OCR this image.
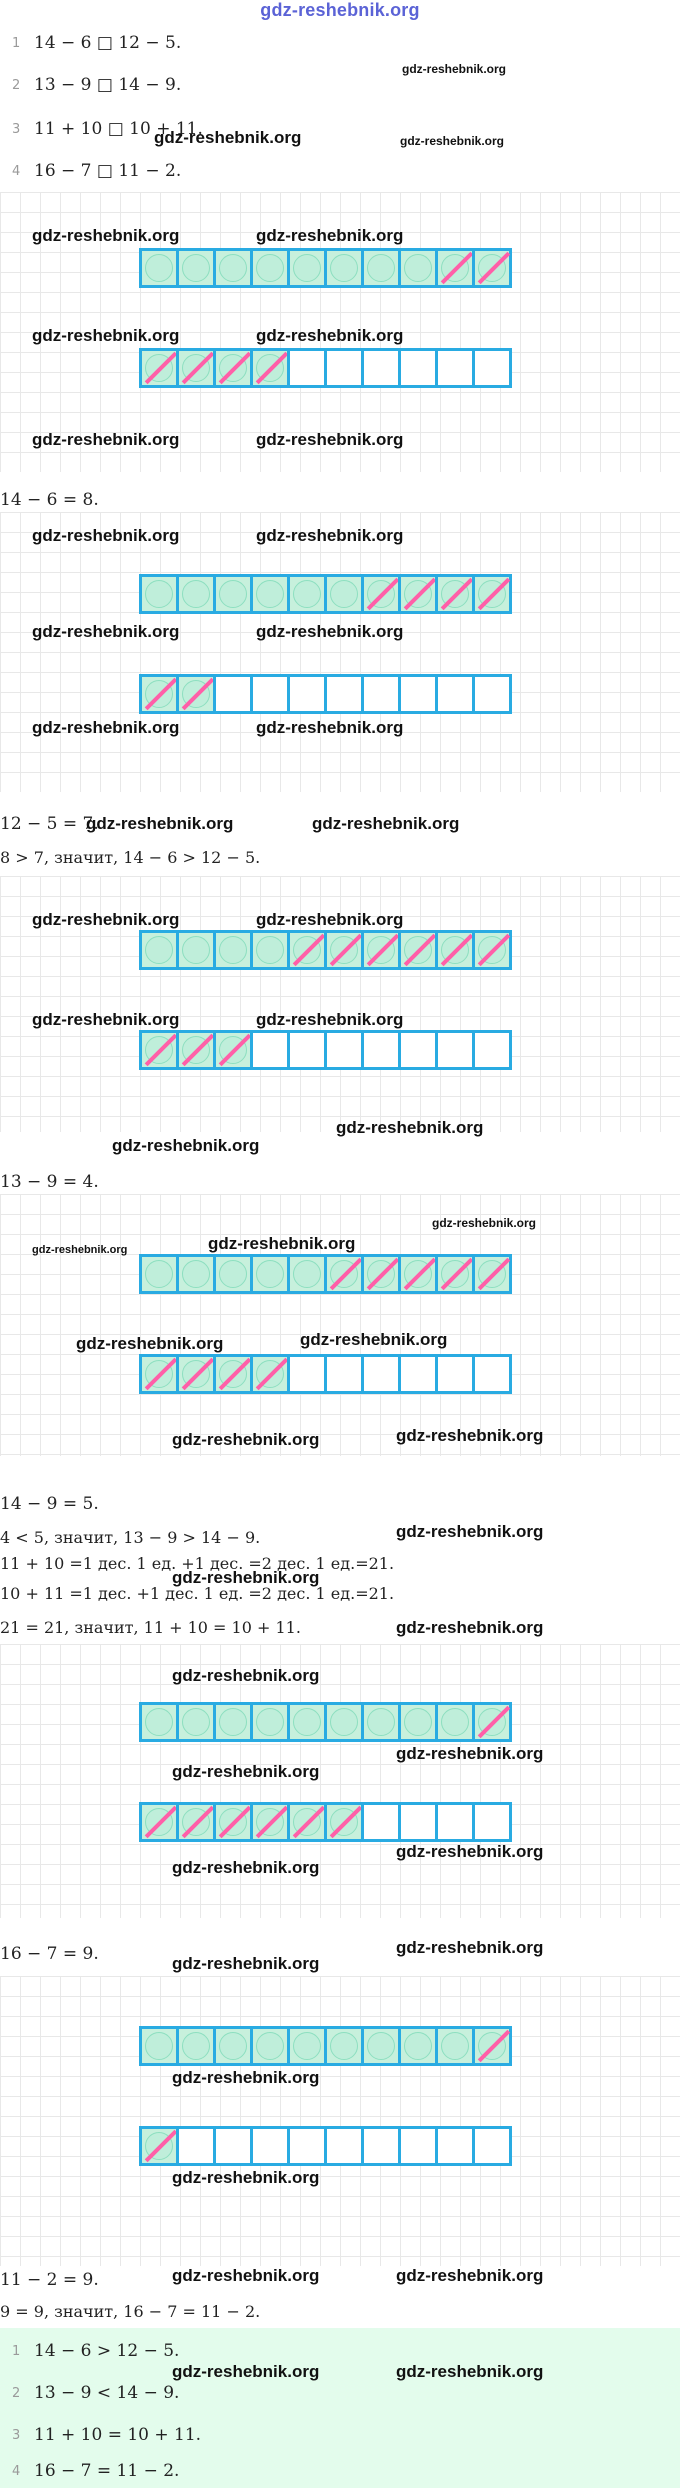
gdz-reshebnik.org
1 14 − 6 □ 12 − 5.
2 13 − 9 □ 14 − 9.
3 11 + 10 □ 10 + 11.
4 16 − 7 □ 11 − 2.
gdz-reshebnik.org
gdz-reshebnik.org	gdz-reshebnik.org
gdz-reshebnik.org	gdz-reshebnik.org
gdz-reshebnik.org	gdz-reshebnik.org
gdz-reshebnik.org	gdz-reshebnik.org
14 − 6 = 8.
gdz-reshebnik.org	gdz-reshebnik.org
gdz-reshebnik.org	gdz-reshebnik.org
gdz-reshebnik.org	gdz-reshebnik.org
12 − 5 = 7.
gdz-reshebnik.org	gdz-reshebnik.org
8 > 7, значит, 14 − 6 > 12 − 5.
gdz-reshebnik.org	gdz-reshebnik.org
gdz-reshebnik.org	gdz-reshebnik.org
gdz-reshebnik.org
gdz-reshebnik.org
13 − 9 = 4.
gdz-reshebnik.org	gdz-reshebnik.org
gdz-reshebnik.org
gdz-reshebnik.org	gdz-reshebnik.org
gdz-reshebnik.org	gdz-reshebnik.org
14 − 9 = 5.
4 < 5, значит, 13 − 9 > 14 − 9.	gdz-reshebnik.org
11 + 10 =1 дес. 1 ед. +1 дес. =2 дес. 1 ед.=21.
gdz-reshebnik.org
10 + 11 =1 дес. +1 дес. 1 ед. =2 дес. 1 ед.=21.
21 = 21, значит, 11 + 10 = 10 + 11.	gdz-reshebnik.org
gdz-reshebnik.org
gdz-reshebnik.org
gdz-reshebnik.org
gdz-reshebnik.org
gdz-reshebnik.org
16 − 7 = 9.	gdz-reshebnik.org
gdz-reshebnik.org
gdz-reshebnik.org
gdz-reshebnik.org
11 − 2 = 9.	gdz-reshebnik.org	gdz-reshebnik.org
9 = 9, значит, 16 − 7 = 11 − 2.
1 14 − 6 > 12 − 5.
2 13 − 9 < 14 − 9.
3 11 + 10 = 10 + 11.
4 16 − 7 = 11 − 2.
gdz-reshebnik.org	gdz-reshebnik.org
